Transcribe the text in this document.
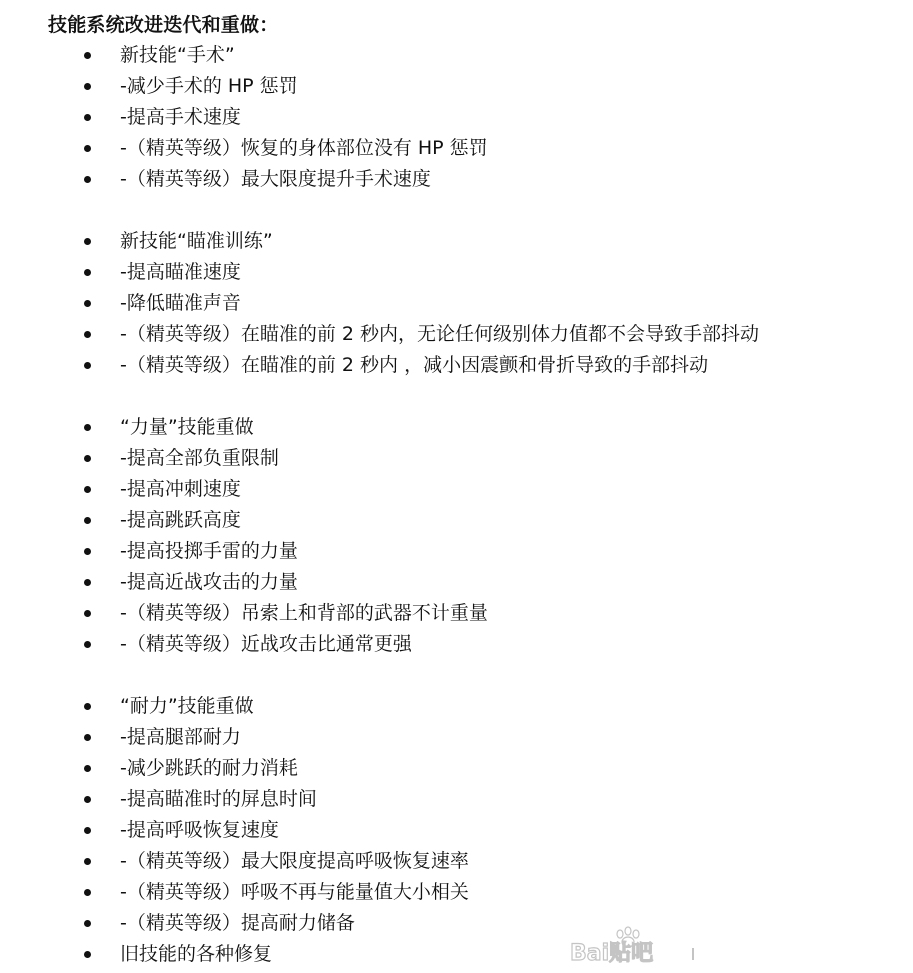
技能系统改进迭代和重做：
新技能“手术”
-减少手术的 HP 惩罚
-提高手术速度
-（精英等级）恢复的身体部位没有 HP 惩罚
-（精英等级）最大限度提升手术速度
新技能“瞄准训练”
-提高瞄准速度
-降低瞄准声音
-（精英等级）在瞄准的前 2 秒内，无论任何级别体力值都不会导致手部抖动
-（精英等级）在瞄准的前 2 秒内 ，减小因震颤和骨折导致的手部抖动
“力量”技能重做
-提高全部负重限制
-提高冲刺速度
-提高跳跃高度
-提高投掷手雷的力量
-提高近战攻击的力量
-（精英等级）吊索上和背部的武器不计重量
-（精英等级）近战攻击比通常更强
“耐力”技能重做
-提高腿部耐力
-减少跳跃的耐力消耗
-提高瞄准时的屏息时间
-提高呼吸恢复速度
-（精英等级）最大限度提高呼吸恢复速率
-（精英等级）呼吸不再与能量值大小相关
-（精英等级）提高耐力储备
旧技能的各种修复	Bai贴吧
